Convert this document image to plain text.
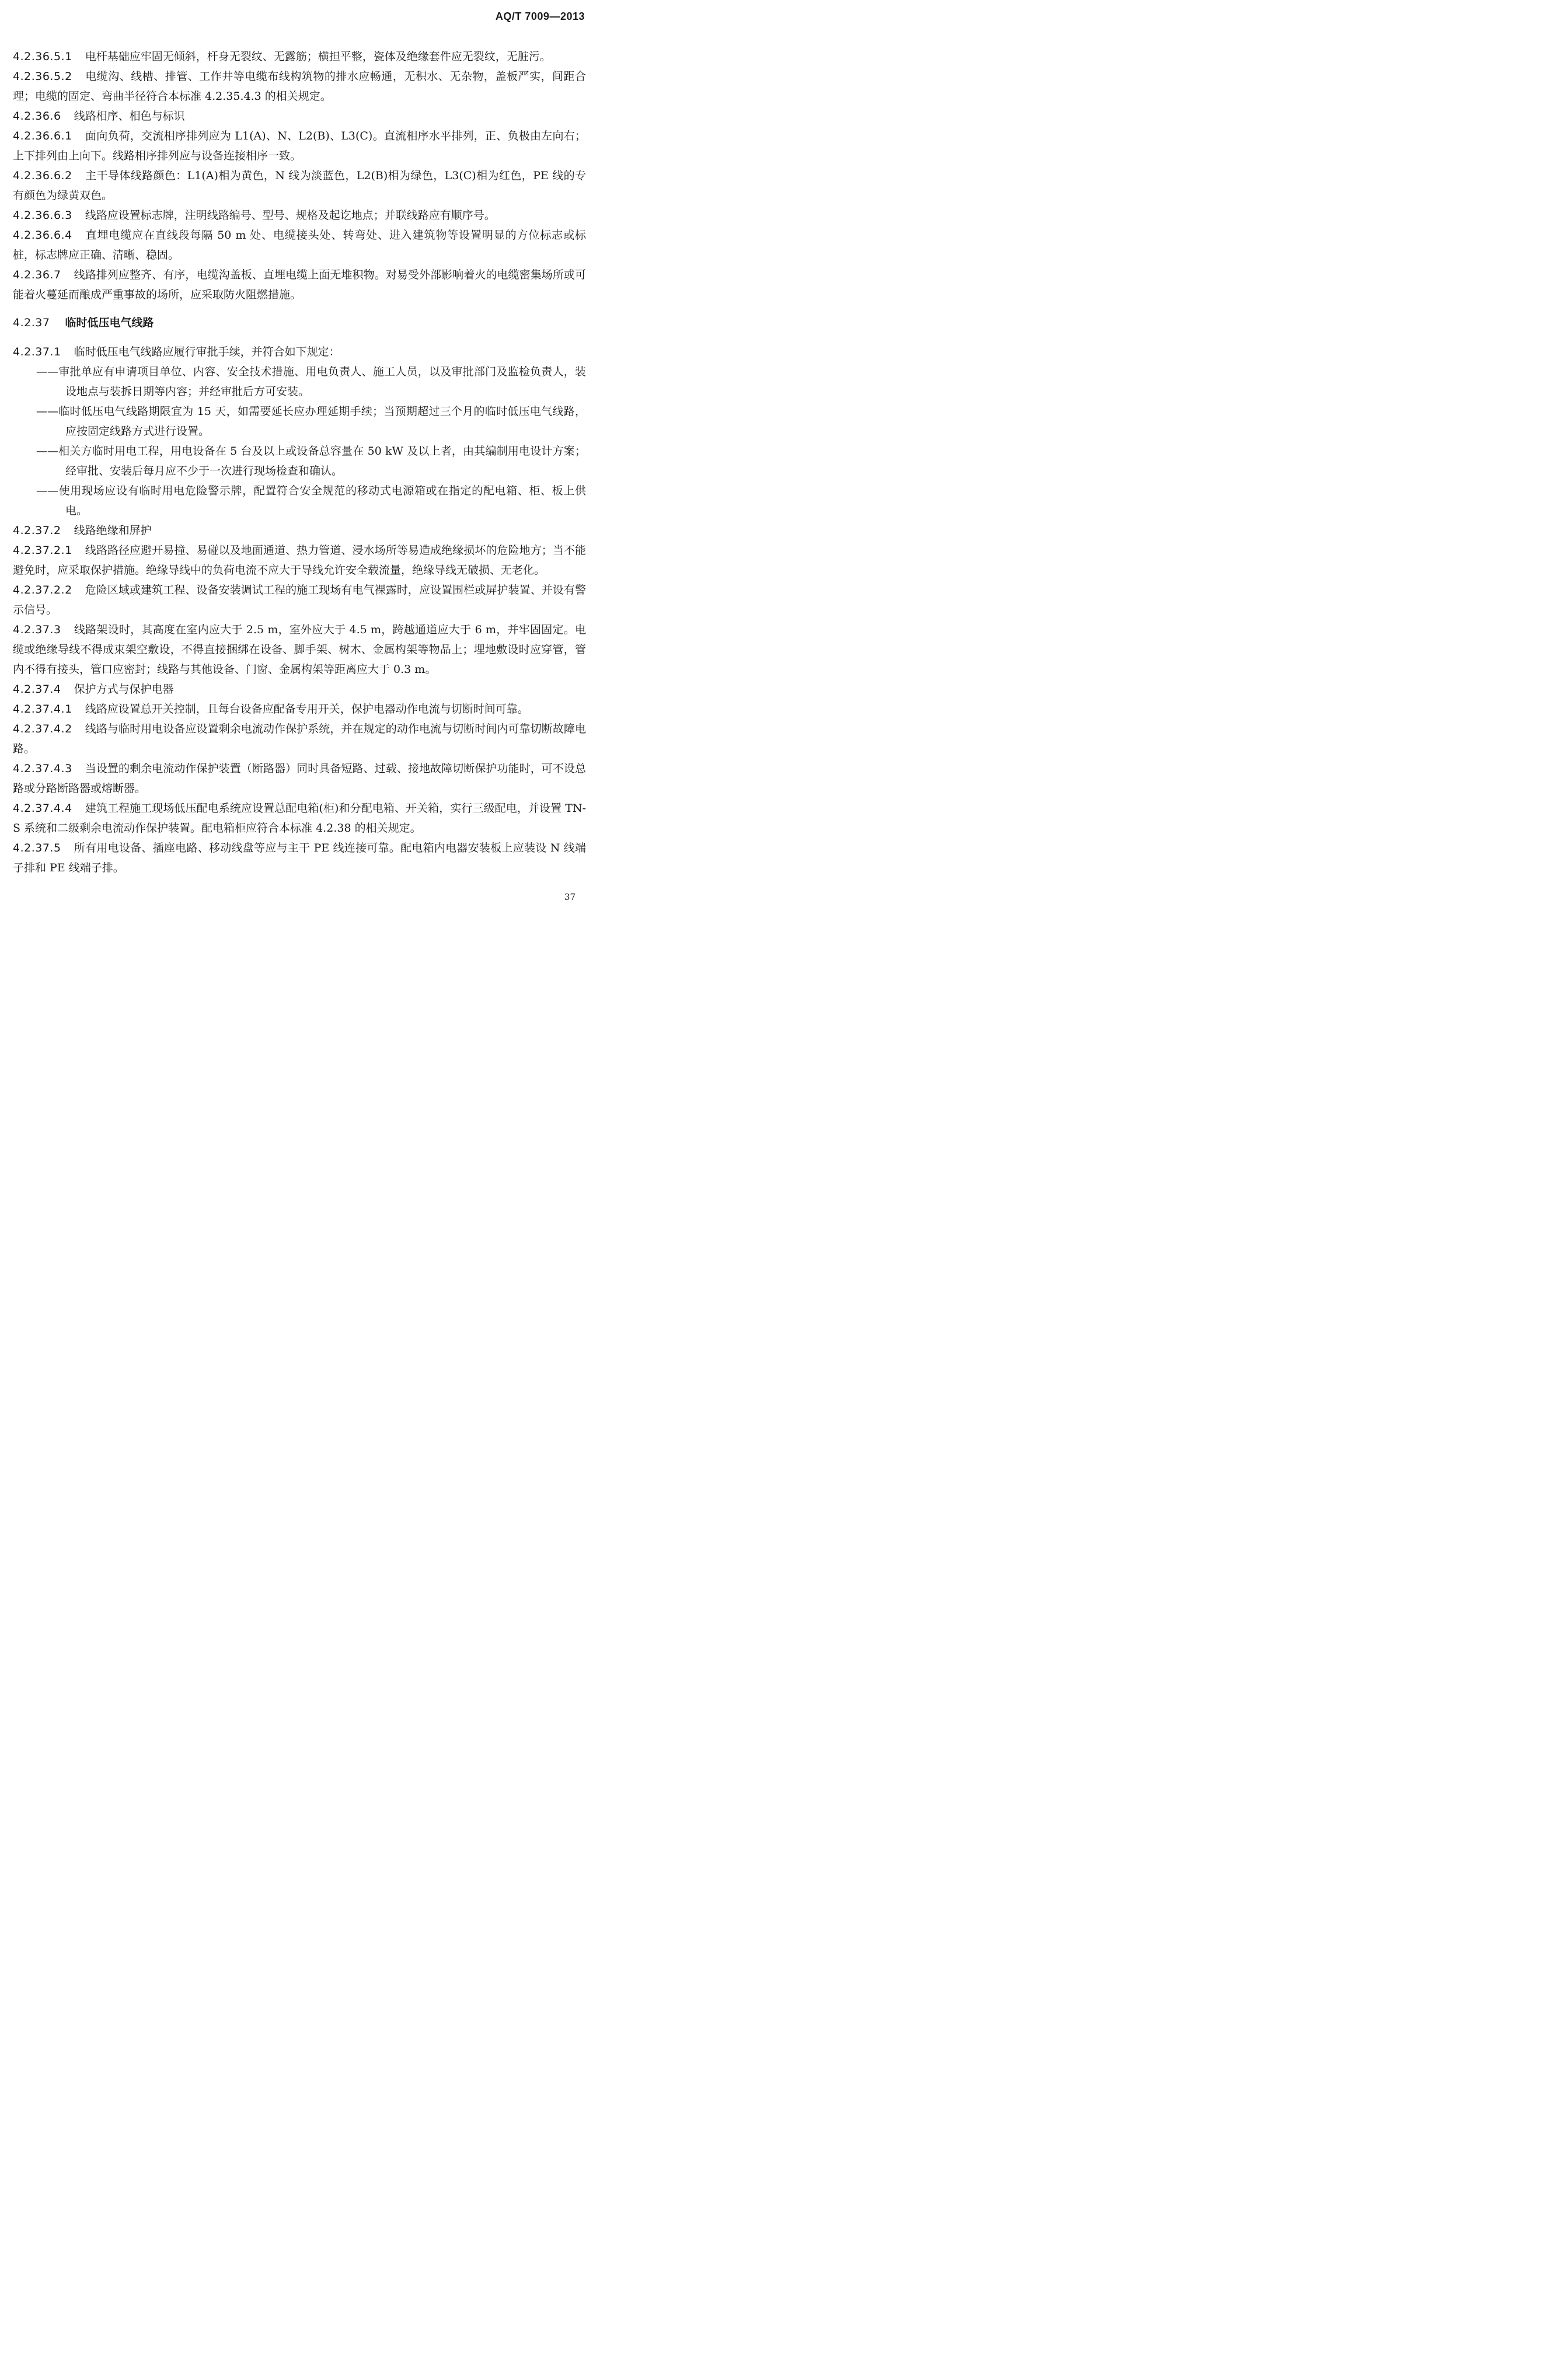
AQ/T 7009—2013

4.2.36.5.1 电杆基础应牢固无倾斜，杆身无裂纹、无露筋；横担平整，瓷体及绝缘套件应无裂纹，无脏污。

4.2.36.5.2 电缆沟、线槽、排管、工作井等电缆布线构筑物的排水应畅通，无积水、无杂物，盖板严实，间距合理；电缆的固定、弯曲半径符合本标准 4.2.35.4.3 的相关规定。

4.2.36.6 线路相序、相色与标识

4.2.36.6.1 面向负荷，交流相序排列应为 L1(A)、N、L2(B)、L3(C)。直流相序水平排列，正、负极由左向右；上下排列由上向下。线路相序排列应与设备连接相序一致。

4.2.36.6.2 主干导体线路颜色：L1(A)相为黄色，N 线为淡蓝色，L2(B)相为绿色，L3(C)相为红色，PE 线的专有颜色为绿黄双色。

4.2.36.6.3 线路应设置标志牌，注明线路编号、型号、规格及起讫地点；并联线路应有顺序号。

4.2.36.6.4 直埋电缆应在直线段每隔 50 m 处、电缆接头处、转弯处、进入建筑物等设置明显的方位标志或标桩，标志牌应正确、清晰、稳固。

4.2.36.7 线路排列应整齐、有序，电缆沟盖板、直埋电缆上面无堆积物。对易受外部影响着火的电缆密集场所或可能着火蔓延而酿成严重事故的场所，应采取防火阻燃措施。

4.2.37 临时低压电气线路

4.2.37.1 临时低压电气线路应履行审批手续，并符合如下规定：

——审批单应有申请项目单位、内容、安全技术措施、用电负责人、施工人员，以及审批部门及监检负责人，装设地点与装拆日期等内容；并经审批后方可安装。

——临时低压电气线路期限宜为 15 天，如需要延长应办理延期手续；当预期超过三个月的临时低压电气线路，应按固定线路方式进行设置。

——相关方临时用电工程，用电设备在 5 台及以上或设备总容量在 50 kW 及以上者，由其编制用电设计方案；经审批、安装后每月应不少于一次进行现场检查和确认。

——使用现场应设有临时用电危险警示牌，配置符合安全规范的移动式电源箱或在指定的配电箱、柜、板上供电。

4.2.37.2 线路绝缘和屏护

4.2.37.2.1 线路路径应避开易撞、易碰以及地面通道、热力管道、浸水场所等易造成绝缘损坏的危险地方；当不能避免时，应采取保护措施。绝缘导线中的负荷电流不应大于导线允许安全载流量，绝缘导线无破损、无老化。

4.2.37.2.2 危险区域或建筑工程、设备安装调试工程的施工现场有电气裸露时，应设置围栏或屏护装置、并设有警示信号。

4.2.37.3 线路架设时，其高度在室内应大于 2.5 m，室外应大于 4.5 m，跨越通道应大于 6 m，并牢固固定。电缆或绝缘导线不得成束架空敷设，不得直接捆绑在设备、脚手架、树木、金属构架等物品上；埋地敷设时应穿管，管内不得有接头，管口应密封；线路与其他设备、门窗、金属构架等距离应大于 0.3 m。

4.2.37.4 保护方式与保护电器

4.2.37.4.1 线路应设置总开关控制，且每台设备应配备专用开关，保护电器动作电流与切断时间可靠。

4.2.37.4.2 线路与临时用电设备应设置剩余电流动作保护系统，并在规定的动作电流与切断时间内可靠切断故障电路。

4.2.37.4.3 当设置的剩余电流动作保护装置（断路器）同时具备短路、过载、接地故障切断保护功能时，可不设总路或分路断路器或熔断器。

4.2.37.4.4 建筑工程施工现场低压配电系统应设置总配电箱(柜)和分配电箱、开关箱，实行三级配电，并设置 TN-S 系统和二级剩余电流动作保护装置。配电箱柜应符合本标准 4.2.38 的相关规定。

4.2.37.5 所有用电设备、插座电路、移动线盘等应与主干 PE 线连接可靠。配电箱内电器安装板上应装设 N 线端子排和 PE 线端子排。

37
